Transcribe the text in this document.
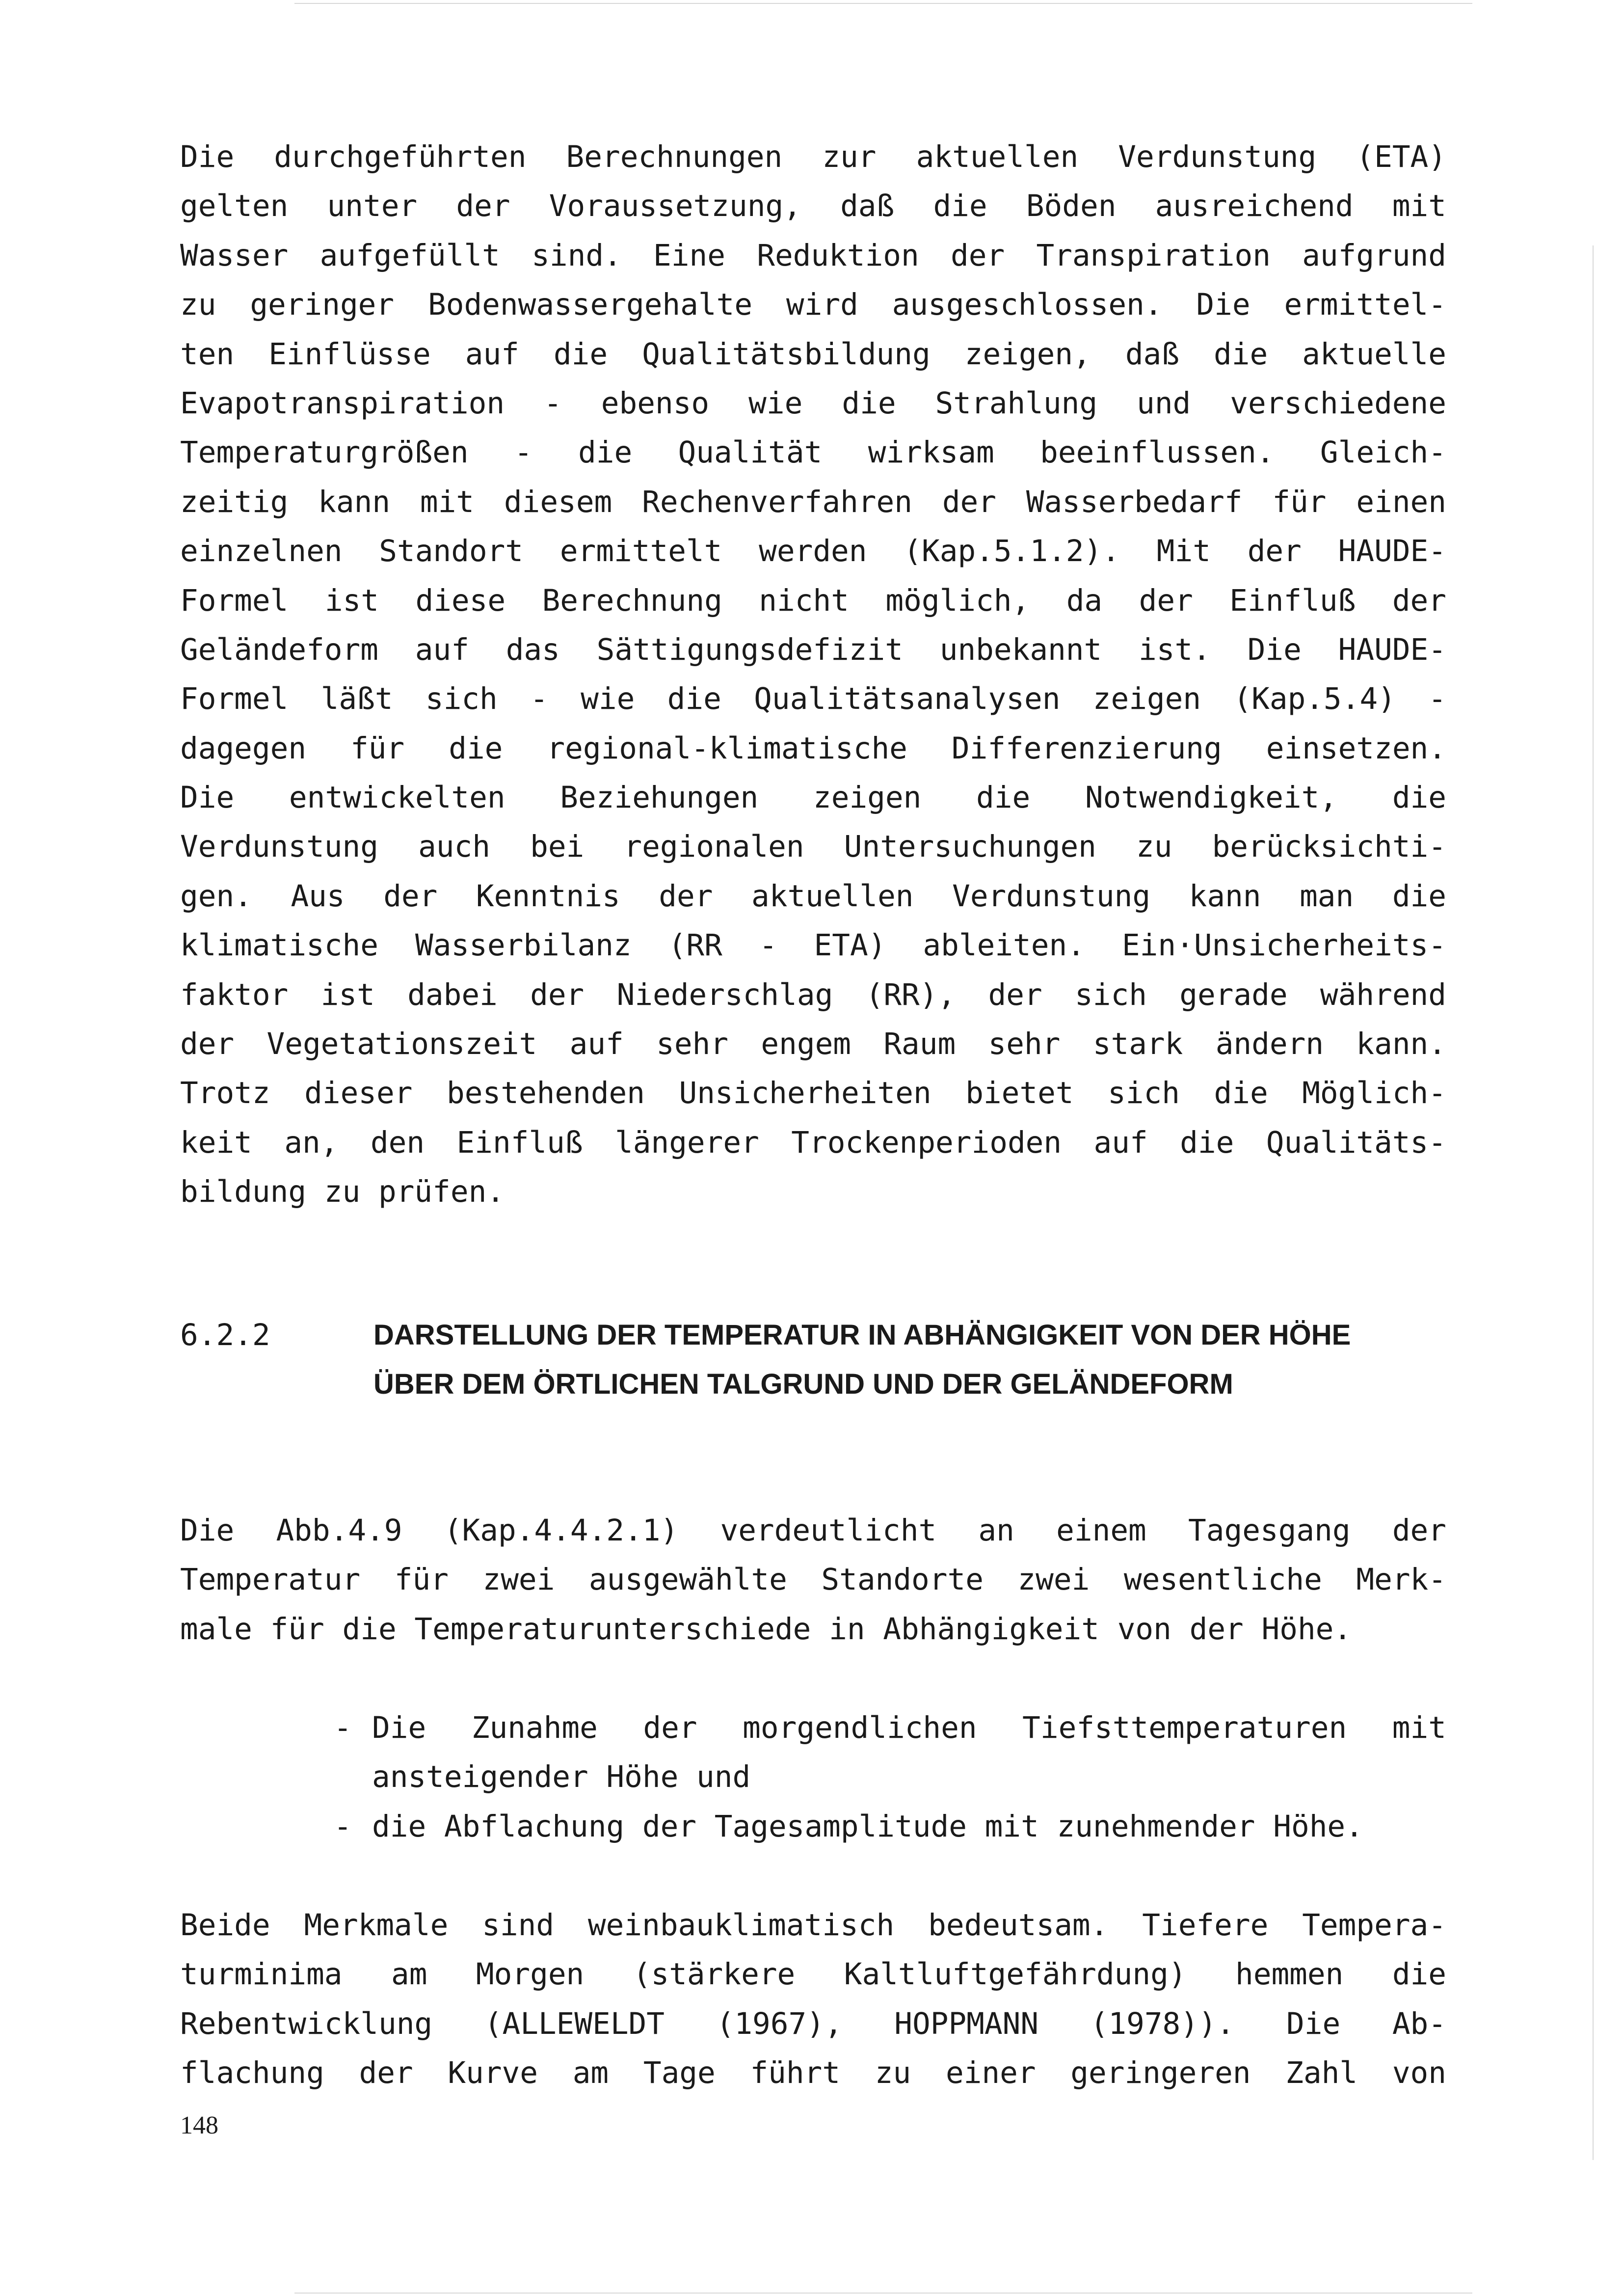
Die durchgeführten Berechnungen zur aktuellen Verdunstung (ETA)
gelten unter der Voraussetzung, daß die Böden ausreichend mit
Wasser aufgefüllt sind. Eine Reduktion der Transpiration aufgrund
zu geringer Bodenwassergehalte wird ausgeschlossen. Die ermittel-
ten Einflüsse auf die Qualitätsbildung zeigen, daß die aktuelle
Evapotranspiration - ebenso wie die Strahlung und verschiedene
Temperaturgrößen - die Qualität wirksam beeinflussen. Gleich-
zeitig kann mit diesem Rechenverfahren der Wasserbedarf für einen
einzelnen Standort ermittelt werden (Kap.5.1.2). Mit der HAUDE-
Formel ist diese Berechnung nicht möglich, da der Einfluß der
Geländeform auf das Sättigungsdefizit unbekannt ist. Die HAUDE-
Formel läßt sich - wie die Qualitätsanalysen zeigen (Kap.5.4) -
dagegen für die regional-klimatische Differenzierung einsetzen.
Die entwickelten Beziehungen zeigen die Notwendigkeit, die
Verdunstung auch bei regionalen Untersuchungen zu berücksichti-
gen. Aus der Kenntnis der aktuellen Verdunstung kann man die
klimatische Wasserbilanz (RR - ETA) ableiten. Ein·Unsicherheits-
faktor ist dabei der Niederschlag (RR), der sich gerade während
der Vegetationszeit auf sehr engem Raum sehr stark ändern kann.
Trotz dieser bestehenden Unsicherheiten bietet sich die Möglich-
keit an, den Einfluß längerer Trockenperioden auf die Qualitäts-
bildung zu prüfen.
6.2.2	DARSTELLUNG DER TEMPERATUR IN ABHÄNGIGKEIT VON DER HÖHE
ÜBER DEM ÖRTLICHEN TALGRUND UND DER GELÄNDEFORM
Die Abb.4.9 (Kap.4.4.2.1) verdeutlicht an einem Tagesgang der
Temperatur für zwei ausgewählte Standorte zwei wesentliche Merk-
male für die Temperaturunterschiede in Abhängigkeit von der Höhe.
- Die Zunahme der morgendlichen Tiefsttemperaturen mit
ansteigender Höhe und
- die Abflachung der Tagesamplitude mit zunehmender Höhe.
Beide Merkmale sind weinbauklimatisch bedeutsam. Tiefere Tempera-
turminima am Morgen (stärkere Kaltluftgefährdung) hemmen die
Rebentwicklung (ALLEWELDT (1967), HOPPMANN (1978)). Die Ab-
flachung der Kurve am Tage führt zu einer geringeren Zahl von
148
